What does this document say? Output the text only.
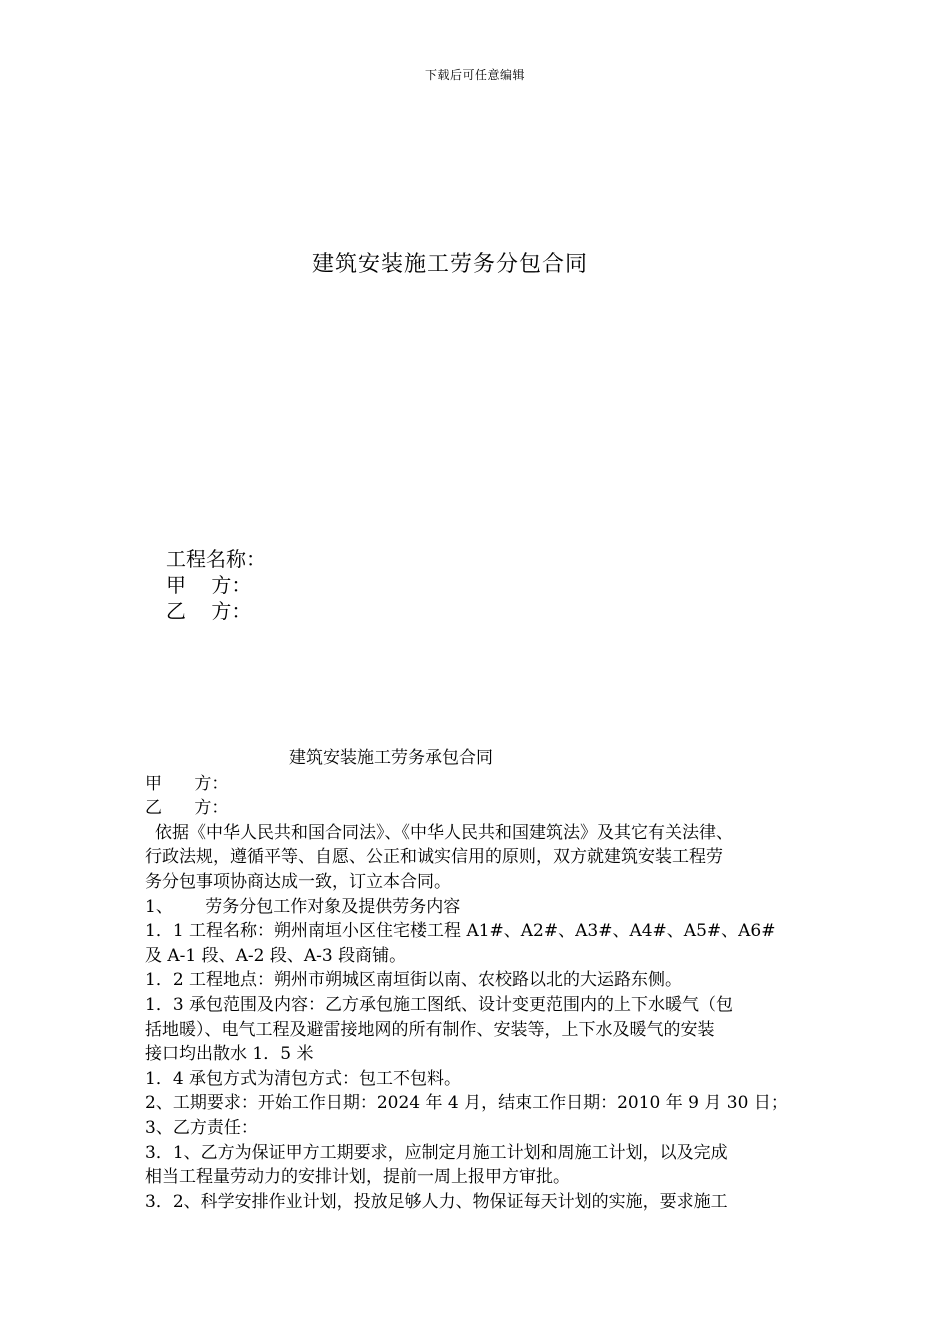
下载后可任意编辑
建筑安装施工劳务分包合同
工程名称：
甲    方：
乙    方：
建筑安装施工劳务承包合同

甲      方：

乙      方：

依据《中华人民共和国合同法》、《中华人民共和国建筑法》及其它有关法律、

行政法规，遵循平等、自愿、公正和诚实信用的原则，双方就建筑安装工程劳

务分包事项协商达成一致，订立本合同。

1、      劳务分包工作对象及提供劳务内容

1．1 工程名称：朔州南垣小区住宅楼工程 A1#、A2#、A3#、A4#、A5#、A6#

及 A-1 段、A-2 段、A-3 段商铺。

1．2 工程地点：朔州市朔城区南垣街以南、农校路以北的大运路东侧。

1．3 承包范围及内容：乙方承包施工图纸、设计变更范围内的上下水暖气（包

括地暖）、电气工程及避雷接地网的所有制作、安装等，上下水及暖气的安装

接口均出散水 1．5 米

1．4 承包方式为清包方式：包工不包料。

2、工期要求：开始工作日期：2024 年 4 月，结束工作日期：2010 年 9 月 30 日；

3、乙方责任：

3．1、乙方为保证甲方工期要求，应制定月施工计划和周施工计划，以及完成

相当工程量劳动力的安排计划，提前一周上报甲方审批。

3．2、科学安排作业计划，投放足够人力、物保证每天计划的实施，要求施工
